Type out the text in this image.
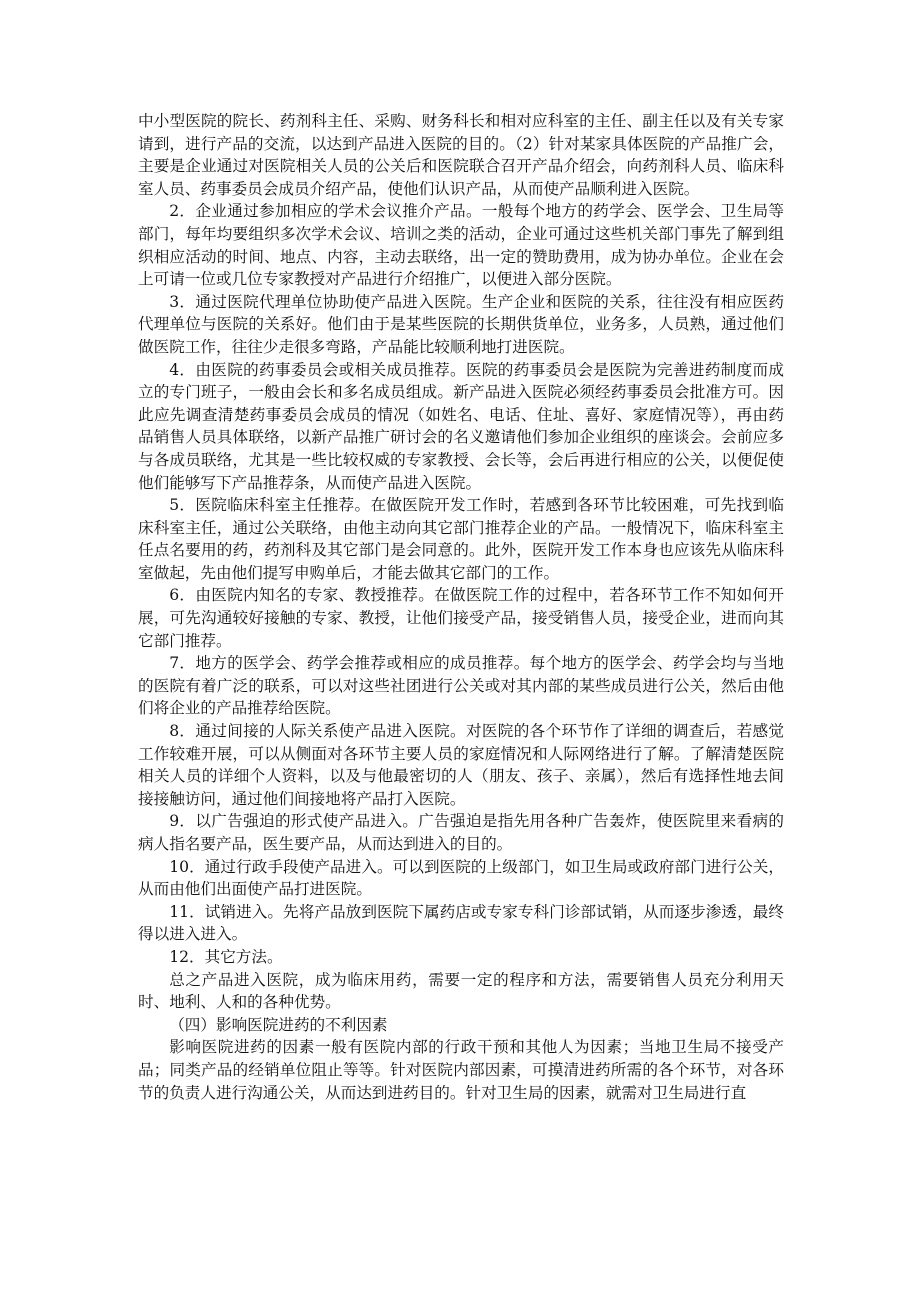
中小型医院的院长、药剂科主任、采购、财务科长和相对应科室的主任、副主任以及有关专家请到，进行产品的交流，以达到产品进入医院的目的。（2）针对某家具体医院的产品推广会，主要是企业通过对医院相关人员的公关后和医院联合召开产品介绍会，向药剂科人员、临床科室人员、药事委员会成员介绍产品，使他们认识产品，从而使产品顺利进入医院。

2．企业通过参加相应的学术会议推介产品。一般每个地方的药学会、医学会、卫生局等部门，每年均要组织多次学术会议、培训之类的活动，企业可通过这些机关部门事先了解到组织相应活动的时间、地点、内容，主动去联络，出一定的赞助费用，成为协办单位。企业在会上可请一位或几位专家教授对产品进行介绍推广，以便进入部分医院。

3．通过医院代理单位协助使产品进入医院。生产企业和医院的关系，往往没有相应医药代理单位与医院的关系好。他们由于是某些医院的长期供货单位，业务多，人员熟，通过他们做医院工作，往往少走很多弯路，产品能比较顺利地打进医院。

4．由医院的药事委员会或相关成员推荐。医院的药事委员会是医院为完善进药制度而成立的专门班子，一般由会长和多名成员组成。新产品进入医院必须经药事委员会批准方可。因此应先调查清楚药事委员会成员的情况（如姓名、电话、住址、喜好、家庭情况等），再由药品销售人员具体联络，以新产品推广研讨会的名义邀请他们参加企业组织的座谈会。会前应多与各成员联络，尤其是一些比较权威的专家教授、会长等，会后再进行相应的公关，以便促使他们能够写下产品推荐条，从而使产品进入医院。

5．医院临床科室主任推荐。在做医院开发工作时，若感到各环节比较困难，可先找到临床科室主任，通过公关联络，由他主动向其它部门推荐企业的产品。一般情况下，临床科室主任点名要用的药，药剂科及其它部门是会同意的。此外，医院开发工作本身也应该先从临床科室做起，先由他们提写申购单后，才能去做其它部门的工作。

6．由医院内知名的专家、教授推荐。在做医院工作的过程中，若各环节工作不知如何开展，可先沟通较好接触的专家、教授，让他们接受产品，接受销售人员，接受企业，进而向其它部门推荐。

7．地方的医学会、药学会推荐或相应的成员推荐。每个地方的医学会、药学会均与当地的医院有着广泛的联系，可以对这些社团进行公关或对其内部的某些成员进行公关，然后由他们将企业的产品推荐给医院。

8．通过间接的人际关系使产品进入医院。对医院的各个环节作了详细的调查后，若感觉工作较难开展，可以从侧面对各环节主要人员的家庭情况和人际网络进行了解。了解清楚医院相关人员的详细个人资料，以及与他最密切的人（朋友、孩子、亲属），然后有选择性地去间接接触访问，通过他们间接地将产品打入医院。

9．以广告强迫的形式使产品进入。广告强迫是指先用各种广告轰炸，使医院里来看病的病人指名要产品，医生要产品，从而达到进入的目的。

10．通过行政手段使产品进入。可以到医院的上级部门，如卫生局或政府部门进行公关，从而由他们出面使产品打进医院。

11．试销进入。先将产品放到医院下属药店或专家专科门诊部试销，从而逐步渗透，最终得以进入进入。

12．其它方法。

总之产品进入医院，成为临床用药，需要一定的程序和方法，需要销售人员充分利用天时、地利、人和的各种优势。

（四）影响医院进药的不利因素

影响医院进药的因素一般有医院内部的行政干预和其他人为因素；当地卫生局不接受产品；同类产品的经销单位阻止等等。针对医院内部因素，可摸清进药所需的各个环节，对各环节的负责人进行沟通公关，从而达到进药目的。针对卫生局的因素，就需对卫生局进行直
